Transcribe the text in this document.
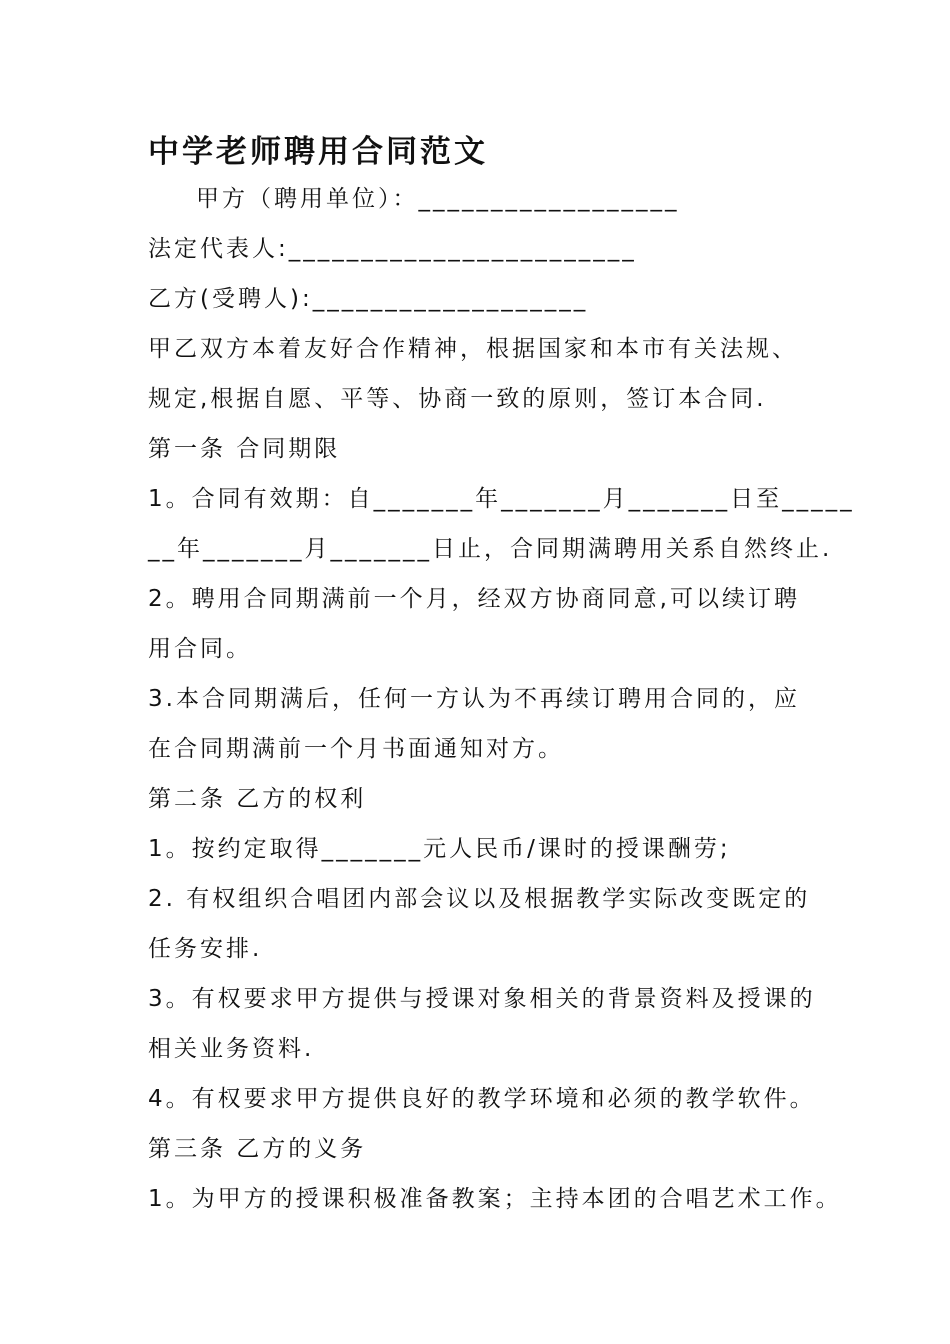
中学老师聘用合同范文
甲方（聘用单位）：__________________
法定代表人:________________________
乙方(受聘人):___________________
甲乙双方本着友好合作精神，根据国家和本市有关法规、
规定,根据自愿、平等、协商一致的原则，签订本合同.
第一条 合同期限
1。合同有效期：自_______年_______月_______日至_____
__年_______月_______日止，合同期满聘用关系自然终止.
2。聘用合同期满前一个月，经双方协商同意,可以续订聘
用合同。
3.本合同期满后，任何一方认为不再续订聘用合同的，应
在合同期满前一个月书面通知对方。
第二条 乙方的权利
1。按约定取得_______元人民币/课时的授课酬劳;
2. 有权组织合唱团内部会议以及根据教学实际改变既定的
任务安排.
3。有权要求甲方提供与授课对象相关的背景资料及授课的
相关业务资料.
4。有权要求甲方提供良好的教学环境和必须的教学软件。
第三条 乙方的义务
1。为甲方的授课积极准备教案；主持本团的合唱艺术工作。
